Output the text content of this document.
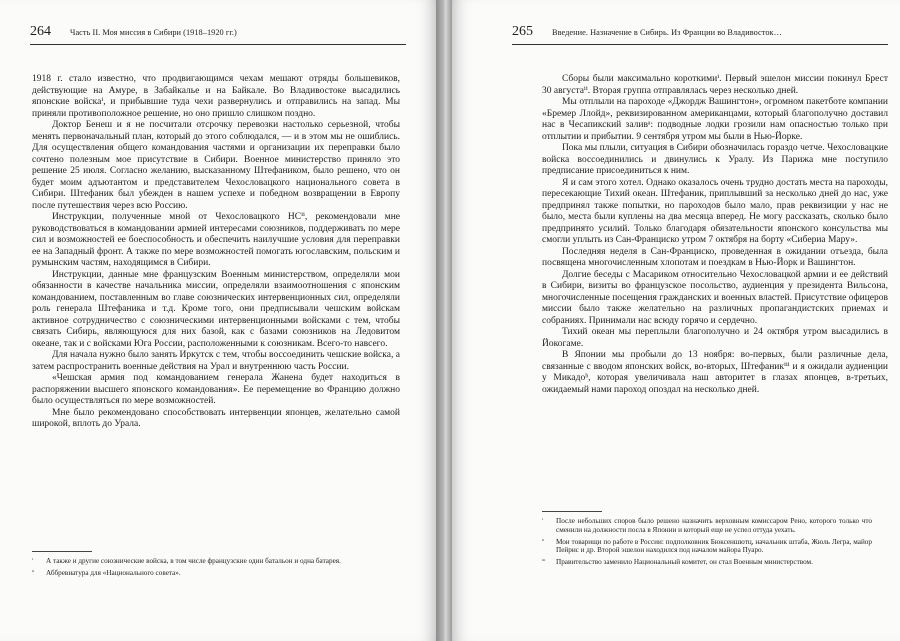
264	Часть II. Моя миссия в Сибири (1918–1920 гг.)

1918 г. стало известно, что продвигающимся чехам мешают отряды большевиков, действующие на Амуре, в Забайкалье и на Байкале. Во Владивостоке высадились японские войскаⁱ, и прибывшие туда чехи развернулись и отправились на запад. Мы приняли противоположное решение, но оно пришло слишком поздно.

Доктор Бенеш и я не посчитали отсрочку перевозки настолько серьезной, чтобы менять первоначальный план, который до этого соблюдался, — и в этом мы не ошиблись. Для осуществления общего командования частями и организации их переправки было сочтено полезным мое присутствие в Сибири. Военное министерство приняло это решение 25 июля. Согласно желанию, высказанному Штефаником, было решено, что он будет моим адъютантом и представителем Чехословацкого национального совета в Сибири. Штефаник был убежден в нашем успехе и победном возвращении в Европу после путешествия через всю Россию.

Инструкции, полученные мной от Чехословацкого НСⁱⁱ, рекомендовали мне руководствоваться в командовании армией интересами союзников, поддерживать по мере сил и возможностей ее боеспособность и обеспечить наилучшие условия для переправки ее на Западный фронт. А также по мере возможностей помогать югославским, польским и румынским частям, находящимся в Сибири.

Инструкции, данные мне французским Военным министерством, определяли мои обязанности в качестве начальника миссии, определяли взаимоотношения с японским командованием, поставленным во главе союзнических интервенционных сил, определяли роль генерала Штефаника и т.д. Кроме того, они предписывали чешским войскам активное сотрудничество с союзническими интервенционными войсками с тем, чтобы связать Сибирь, являющуюся для них базой, как с базами союзников на Ледовитом океане, так и с войсками Юга России, расположенными к союзникам. Всего-то навсего.

Для начала нужно было занять Иркутск с тем, чтобы воссоединить чешские войска, а затем распространить военные действия на Урал и внутреннюю часть России.

«Чешская армия под командованием генерала Жанена будет находиться в распоряжении высшего японского командования». Ее перемещение во Францию должно было осуществляться по мере возможностей.

Мне было рекомендовано способствовать интервенции японцев, желательно самой широкой, вплоть до Урала.

ⁱ	А также и другие союзнические войска, в том числе французские один батальон и одна батарея.
ⁱⁱ	Аббревиатура для «Национального совета».
265	Введение. Назначение в Сибирь. Из Франции во Владивосток…

Сборы были максимально короткимиⁱ. Первый эшелон миссии покинул Брест 30 августаⁱⁱ. Вторая группа отправлялась через несколько дней.

Мы отплыли на пароходе «Джордж Вашингтон», огромном пакетботе компании «Бремер Ллойд», реквизированном американцами, который благополучно доставил нас в Чесапикский заливᵃ: подводные лодки грозили нам опасностью только при отплытии и прибытии. 9 сентября утром мы были в Нью-Йорке.

Пока мы плыли, ситуация в Сибири обозначилась гораздо четче. Чехословацкие войска воссоединились и двинулись к Уралу. Из Парижа мне поступило предписание присоединиться к ним.

Я и сам этого хотел. Однако оказалось очень трудно достать места на пароходы, пересекающие Тихий океан. Штефаник, приплывший за несколько дней до нас, уже предпринял также попытки, но пароходов было мало, прав реквизиции у нас не было, места были куплены на два месяца вперед. Не могу рассказать, сколько было предпринято усилий. Только благодаря обязательности японского консульства мы смогли уплыть из Сан-Франциско утром 7 октября на борту «Сибериа Мару».

Последняя неделя в Сан-Франциско, проведенная в ожидании отъезда, была посвящена многочисленным хлопотам и поездкам в Нью-Йорк и Вашингтон.

Долгие беседы с Масариком относительно Чехословацкой армии и ее действий в Сибири, визиты во французское посольство, аудиенция у президента Вильсона, многочисленные посещения гражданских и военных властей. Присутствие офицеров миссии было также желательно на различных пропагандистских приемах и собраниях. Принимали нас всюду горячо и сердечно.

Тихий океан мы переплыли благополучно и 24 октября утром высадились в Йокогаме.

В Японии мы пробыли до 13 ноября: во-первых, были различные дела, связанные с вводом японских войск, во-вторых, Штефаникⁱⁱⁱ и я ожидали аудиенции у Микадоᵇ, которая увеличивала наш авторитет в глазах японцев, в-третьих, ожидаемый нами пароход опоздал на несколько дней.

ⁱ	После небольших споров было решено назначить верховным комиссаром Рено, которого только что сменили на должности посла в Японии и который еще не успел оттуда уехать.
ⁱⁱ	Мои товарищи по работе в России: подполковник Бюксеншютц, начальник штаба, Жюль Легра, майор Пейрис и др. Второй эшелон находился под началом майора Пуаро.
ⁱⁱⁱ	Правительство заменило Национальный комитет, он стал Военным министерством.
